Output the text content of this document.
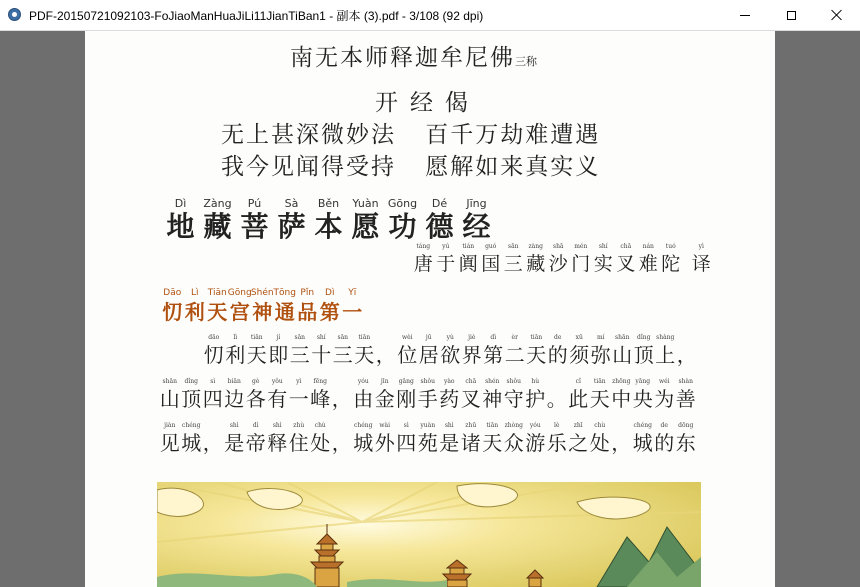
PDF-20150721092103-FoJiaoManHuaJiLi11JianTiBan1 - 副本 (3).pdf - 3/108 (92 dpi)
南无本师释迦牟尼佛三称
开经偈
无上甚深微妙法 百千万劫难遭遇
我今见闻得受持 愿解如来真实义
Dì
地
Zàng
藏
Pú
菩
Sà
萨
Běn
本
Yuàn
愿
Gōng
功
Dé
德
Jīng
经
táng
唐
yú
于
tián
阗
guó
国
sān
三
zàng
藏
shā
沙
mén
门
shí
实
chā
叉
nán
难
tuó
陀
yì
译
Dāo
忉
Lì
利
Tiān
天
Gōng
宫
Shén
神
Tōng
通
Pǐn
品
Dì
第
Yī
一
dāo
忉
lì
利
tiān
天
jí
即
sān
三
shí
十
sān
三
tiān
天 ，
wèi
位
jū
居
yù
欲
jiè
界
dì
第
èr
二
tiān
天
de
的
xū
须
mí
弥
shān
山
dǐng
顶
shàng
上 ，
shān
山
dǐng
顶
sì
四
biān
边
gè
各
yǒu
有
yì
一
fēng
峰 ，
yóu
由
jīn
金
gāng
刚
shǒu
手
yào
药
chā
叉
shén
神
shǒu
守
hù
护 。
cǐ
此
tiān
天
zhōng
中
yāng
央
wéi
为
shàn
善
jiàn
见
chéng
城 ，
shì
是
dì
帝
shì
释
zhù
住
chù
处 ，
chéng
城
wài
外
sì
四
yuàn
苑
shì
是
zhū
诸
tiān
天
zhòng
众
yóu
游
lè
乐
zhī
之
chù
处 ，
chéng
城
de
的
dōng
东
